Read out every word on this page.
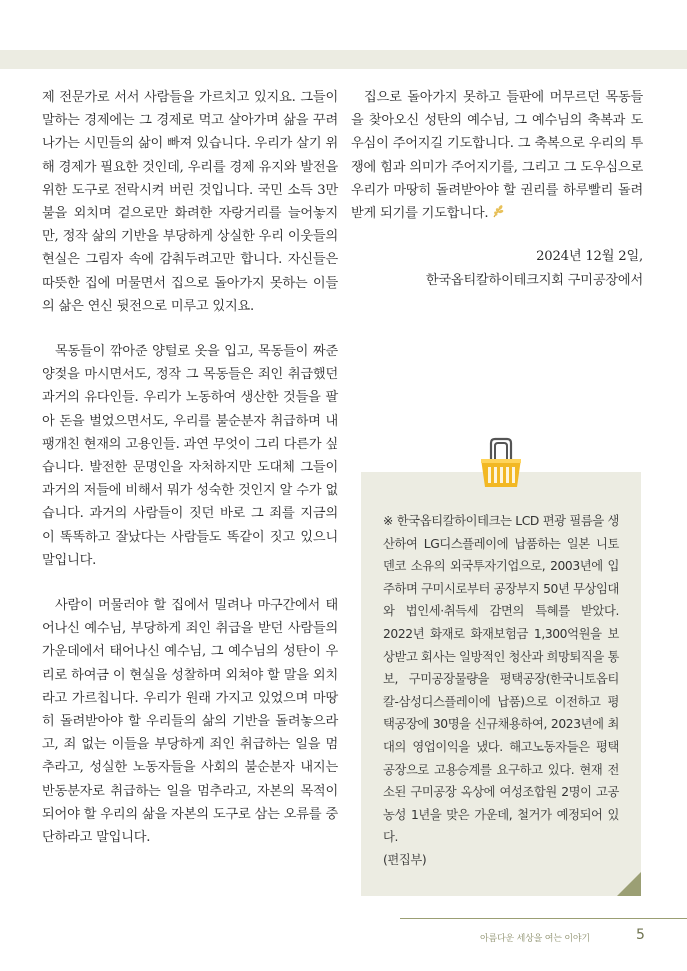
제 전문가로 서서 사람들을 가르치고 있지요. 그들이 말하는 경제에는 그 경제로 먹고 살아가며 삶을 꾸려나가는 시민들의 삶이 빠져 있습니다. 우리가 살기 위해 경제가 필요한 것인데, 우리를 경제 유지와 발전을 위한 도구로 전락시켜 버린 것입니다. 국민 소득 3만불을 외치며 겉으로만 화려한 자랑거리를 늘어놓지만, 정작 삶의 기반을 부당하게 상실한 우리 이웃들의 현실은 그림자 속에 감춰두려고만 합니다. 자신들은 따뜻한 집에 머물면서 집으로 돌아가지 못하는 이들의 삶은 연신 뒷전으로 미루고 있지요.

목동들이 깎아준 양털로 옷을 입고, 목동들이 짜준 양젖을 마시면서도, 정작 그 목동들은 죄인 취급했던 과거의 유다인들. 우리가 노동하여 생산한 것들을 팔아 돈을 벌었으면서도, 우리를 불순분자 취급하며 내팽개친 현재의 고용인들. 과연 무엇이 그리 다른가 싶습니다. 발전한 문명인을 자처하지만 도대체 그들이 과거의 저들에 비해서 뭐가 성숙한 것인지 알 수가 없습니다. 과거의 사람들이 짓던 바로 그 죄를 지금의 이 똑똑하고 잘났다는 사람들도 똑같이 짓고 있으니 말입니다.

사람이 머물러야 할 집에서 밀려나 마구간에서 태어나신 예수님, 부당하게 죄인 취급을 받던 사람들의 가운데에서 태어나신 예수님, 그 예수님의 성탄이 우리로 하여금 이 현실을 성찰하며 외쳐야 할 말을 외치라고 가르칩니다. 우리가 원래 가지고 있었으며 마땅히 돌려받아야 할 우리들의 삶의 기반을 돌려놓으라고, 죄 없는 이들을 부당하게 죄인 취급하는 일을 멈추라고, 성실한 노동자들을 사회의 불순분자 내지는 반동분자로 취급하는 일을 멈추라고, 자본의 목적이 되어야 할 우리의 삶을 자본의 도구로 삼는 오류를 중단하라고 말입니다.

집으로 돌아가지 못하고 들판에 머무르던 목동들을 찾아오신 성탄의 예수님, 그 예수님의 축복과 도우심이 주어지길 기도합니다. 그 축복으로 우리의 투쟁에 힘과 의미가 주어지기를, 그리고 그 도우심으로 우리가 마땅히 돌려받아야 할 권리를 하루빨리 돌려받게 되기를 기도합니다.

2024년 12월 2일,
한국옵티칼하이테크지회 구미공장에서
※ 한국옵티칼하이테크는 LCD 편광 필름을 생산하여 LG디스플레이에 납품하는 일본 니토덴코 소유의 외국투자기업으로, 2003년에 입주하며 구미시로부터 공장부지 50년 무상임대와 법인세·취득세 감면의 특혜를 받았다. 2022년 화재로 화재보험금 1,300억원을 보상받고 회사는 일방적인 청산과 희망퇴직을 통보, 구미공장물량을 평택공장(한국니토옵티칼-삼성디스플레이에 납품)으로 이전하고 평택공장에 30명을 신규채용하여, 2023년에 최대의 영업이익을 냈다. 해고노동자들은 평택 공장으로 고용승계를 요구하고 있다. 현재 전소된 구미공장 옥상에 여성조합원 2명이 고공농성 1년을 맞은 가운데, 철거가 예정되어 있다.
(편집부)
아름다운 세상을 여는 이야기	5
